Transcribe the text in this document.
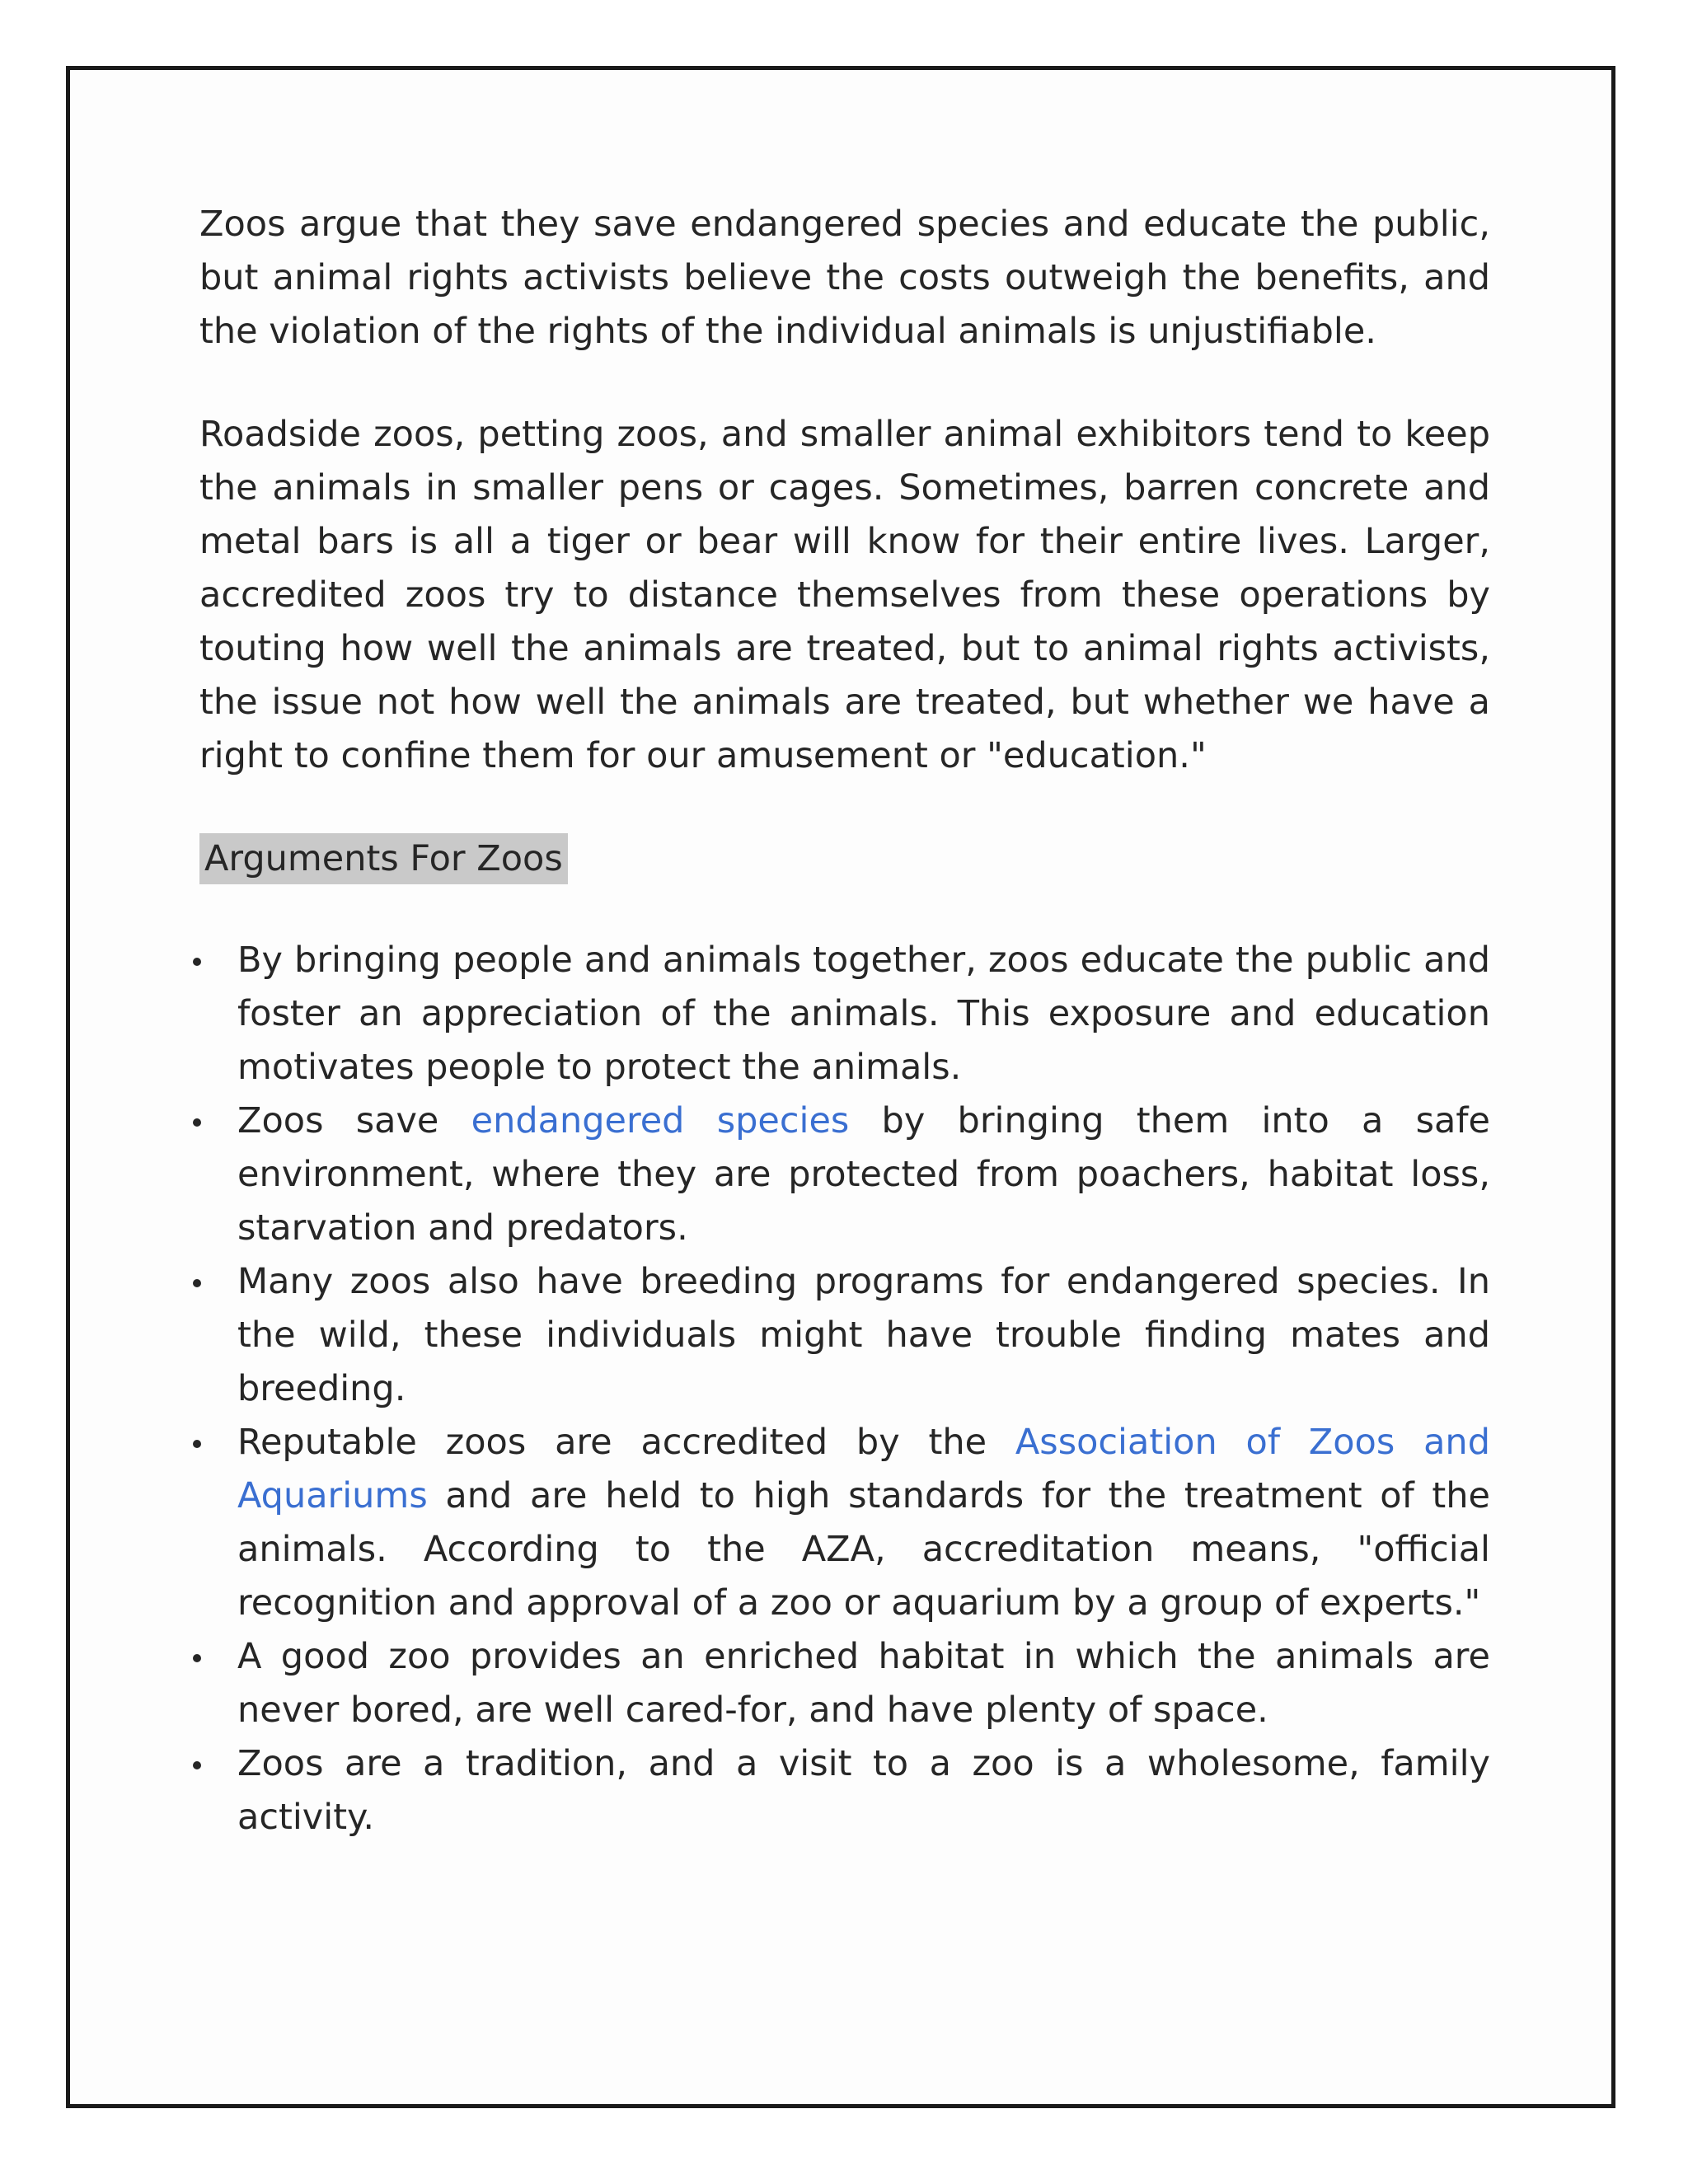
Zoos argue that they save endangered species and educate the public, but animal rights activists believe the costs outweigh the benefits, and the violation of the rights of the individual animals is unjustifiable.

Roadside zoos, petting zoos, and smaller animal exhibitors tend to keep the animals in smaller pens or cages. Sometimes, barren concrete and metal bars is all a tiger or bear will know for their entire lives. Larger, accredited zoos try to distance themselves from these operations by touting how well the animals are treated, but to animal rights activists, the issue not how well the animals are treated, but whether we have a right to confine them for our amusement or "education."

Arguments For Zoos
By bringing people and animals together, zoos educate the public and foster an appreciation of the animals. This exposure and education motivates people to protect the animals.
Zoos save endangered species by bringing them into a safe environment, where they are protected from poachers, habitat loss, starvation and predators.
Many zoos also have breeding programs for endangered species. In the wild, these individuals might have trouble finding mates and breeding.
Reputable zoos are accredited by the Association of Zoos and Aquariums and are held to high standards for the treatment of the animals. According to the AZA, accreditation means, "official recognition and approval of a zoo or aquarium by a group of experts."
A good zoo provides an enriched habitat in which the animals are never bored, are well cared-for, and have plenty of space.
Zoos are a tradition, and a visit to a zoo is a wholesome, family activity.
